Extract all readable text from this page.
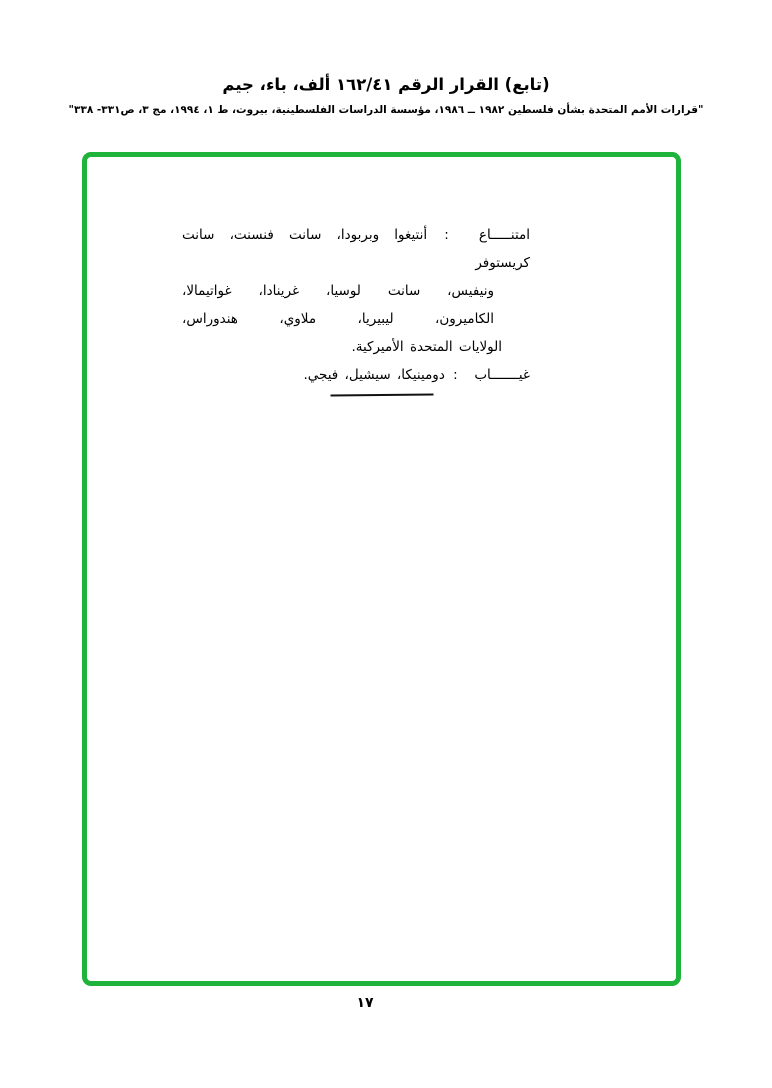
(تابع) القرار الرقم ١٦٢/٤١ ألف، باء، جيم

"قرارات الأمم المتحدة بشأن فلسطين ١٩٨٢ ــ ١٩٨٦، مؤسسة الدراسات الفلسطينية، بيروت، ط ١، ١٩٩٤، مج ٣، ص٣٣١- ٣٣٨"

امتنـــــاع : أنتيغوا وبربودا، سانت فنسنت، سانت كريستوفر
ونيفيس، سانت لوسيا، غرينادا، غواتيمالا،
الكاميرون، ليبيريا، ملاوي، هندوراس،
الولايات المتحدة الأميركية.
غيـــــــاب : دومينيكا، سيشيل، فيجي.
١٧
